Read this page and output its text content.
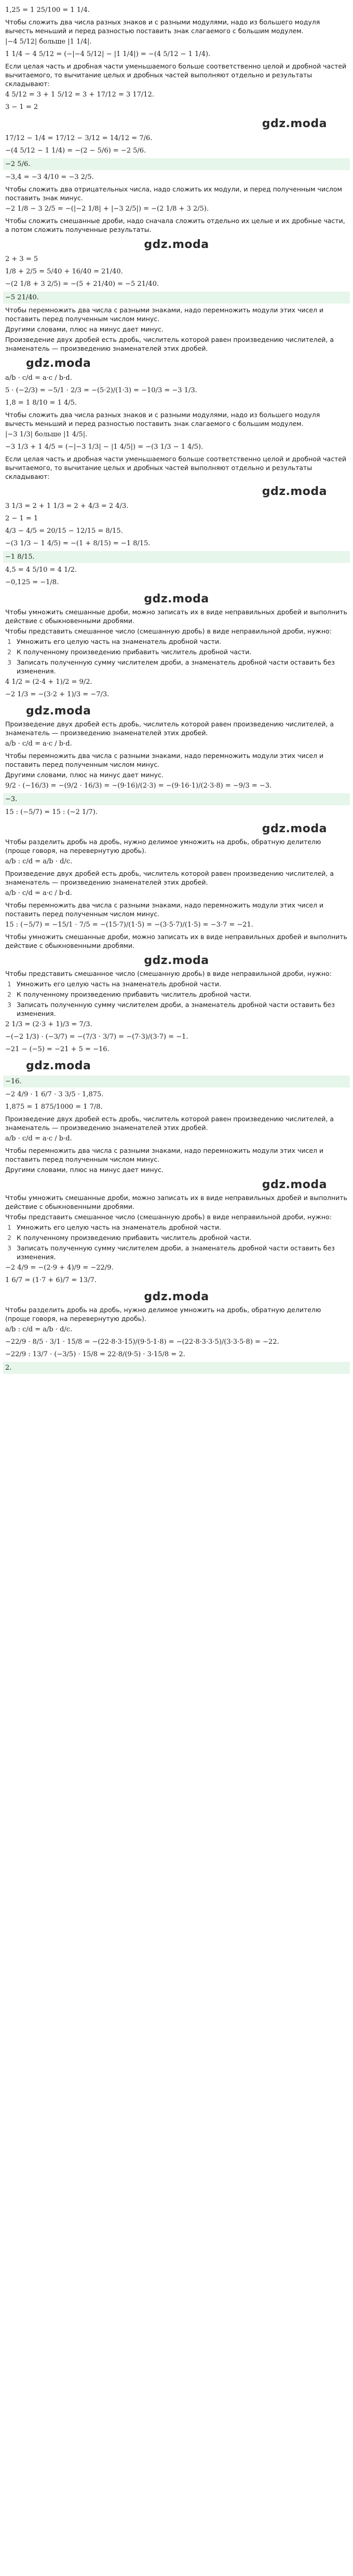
1,25 = 1 25/100 = 1 1/4.
Чтобы сложить два числа разных знаков и с разными модулями, надо из большего модуля вычесть меньший и перед разностью поставить знак слагаемого с большим модулем.
|−4 5/12| больше |1 1/4|.
1 1/4 − 4 5/12 = (−|−4 5/12| − |1 1/4|) = −(4 5/12 − 1 1/4).
Если целая часть и дробная части уменьшаемого больше соответственно целой и дробной частей вычитаемого, то вычитание целых и дробных частей выполняют отдельно и результаты складывают:
4 5/12 = 3 + 1 5/12 = 3 + 17/12 = 3 17/12.
3 − 1 = 2
gdz.moda
17/12 − 1/4 = 17/12 − 3/12 = 14/12 = 7/6.
−(4 5/12 − 1 1/4) = −(2 − 5/6) = −2 5/6.
−2 5/6.
−3,4 = −3 4/10 = −3 2/5.
Чтобы сложить два отрицательных числа, надо сложить их модули, и перед полученным числом поставить знак минус.
−2 1/8 − 3 2/5 = −(|−2 1/8| + |−3 2/5|) = −(2 1/8 + 3 2/5).
Чтобы сложить смешанные дроби, надо сначала сложить отдельно их целые и их дробные части, а потом сложить полученные результаты.
gdz.moda
2 + 3 = 5
1/8 + 2/5 = 5/40 + 16/40 = 21/40.
−(2 1/8 + 3 2/5) = −(5 + 21/40) = −5 21/40.
−5 21/40.
Чтобы перемножить два числа с разными знаками, надо перемножить модули этих чисел и поставить перед полученным числом минус.
Другими словами, плюс на минус дает минус.
Произведение двух дробей есть дробь, числитель которой равен произведению числителей, а знаменатель — произведению знаменателей этих дробей.
gdz.moda
a/b · c/d = a·c / b·d.
5 · (−2/3) = −5/1 · 2/3 = −(5·2)/(1·3) = −10/3 = −3 1/3.
1,8 = 1 8/10 = 1 4/5.
Чтобы сложить два числа разных знаков и с разными модулями, надо из большего модуля вычесть меньший и перед разностью поставить знак слагаемого с большим модулем.
|−3 1/3| больше |1 4/5|.
−3 1/3 + 1 4/5 = (−|−3 1/3| − |1 4/5|) = −(3 1/3 − 1 4/5).
Если целая часть и дробная части уменьшаемого больше соответственно целой и дробной частей вычитаемого, то вычитание целых и дробных частей выполняют отдельно и результаты складывают:
gdz.moda
3 1/3 = 2 + 1 1/3 = 2 + 4/3 = 2 4/3.
2 − 1 = 1
4/3 − 4/5 = 20/15 − 12/15 = 8/15.
−(3 1/3 − 1 4/5) = −(1 + 8/15) = −1 8/15.
−1 8/15.
4,5 = 4 5/10 = 4 1/2.
−0,125 = −1/8.
gdz.moda
Чтобы умножить смешанные дроби, можно записать их в виде неправильных дробей и выполнить действие с обыкновенными дробями.
Чтобы представить смешанное число (смешанную дробь) в виде неправильной дроби, нужно:
1 Умножить его целую часть на знаменатель дробной части.
2 К полученному произведению прибавить числитель дробной части.
3 Записать полученную сумму числителем дроби, а знаменатель дробной части оставить без изменения.
4 1/2 = (2·4 + 1)/2 = 9/2.
−2 1/3 = −(3·2 + 1)/3 = −7/3.
gdz.moda
Произведение двух дробей есть дробь, числитель которой равен произведению числителей, а знаменатель — произведению знаменателей этих дробей.
a/b · c/d = a·c / b·d.
Чтобы перемножить два числа с разными знаками, надо перемножить модули этих чисел и поставить перед полученным числом минус.
Другими словами, плюс на минус дает минус.
9/2 · (−16/3) = −(9/2 · 16/3) = −(9·16)/(2·3) = −(9·16·1)/(2·3·8) = −9/3 = −3.
−3.
15 : (−5/7) = 15 : (−2 1/7).
gdz.moda
Чтобы разделить дробь на дробь, нужно делимое умножить на дробь, обратную делителю (проще говоря, на перевернутую дробь).
a/b : c/d = a/b · d/c.
Произведение двух дробей есть дробь, числитель которой равен произведению числителей, а знаменатель — произведению знаменателей этих дробей.
a/b · c/d = a·c / b·d.
Чтобы перемножить два числа с разными знаками, надо перемножить модули этих чисел и поставить перед полученным числом минус.
15 : (−5/7) = −15/1 · 7/5 = −(15·7)/(1·5) = −(3·5·7)/(1·5) = −3·7 = −21.
Чтобы умножить смешанные дроби, можно записать их в виде неправильных дробей и выполнить действие с обыкновенными дробями.
gdz.moda
Чтобы представить смешанное число (смешанную дробь) в виде неправильной дроби, нужно:
1 Умножить его целую часть на знаменатель дробной части.
2 К полученному произведению прибавить числитель дробной части.
3 Записать полученную сумму числителем дроби, а знаменатель дробной части оставить без изменения.
2 1/3 = (2·3 + 1)/3 = 7/3.
−(−2 1/3) · (−3/7) = −(7/3 · 3/7) = −(7·3)/(3·7) = −1.
−21 − (−5) = −21 + 5 = −16.
gdz.moda
−16.
−2 4/9 · 1 6/7 · 3 3/5 · 1,875.
1,875 = 1 875/1000 = 1 7/8.
Произведение двух дробей есть дробь, числитель которой равен произведению числителей, а знаменатель — произведению знаменателей этих дробей.
a/b · c/d = a·c / b·d.
Чтобы перемножить два числа с разными знаками, надо перемножить модули этих чисел и поставить перед полученным числом минус.
Другими словами, плюс на минус дает минус.
gdz.moda
Чтобы умножить смешанные дроби, можно записать их в виде неправильных дробей и выполнить действие с обыкновенными дробями.
Чтобы представить смешанное число (смешанную дробь) в виде неправильной дроби, нужно:
1 Умножить его целую часть на знаменатель дробной части.
2 К полученному произведению прибавить числитель дробной части.
3 Записать полученную сумму числителем дроби, а знаменатель дробной части оставить без изменения.
−2 4/9 = −(2·9 + 4)/9 = −22/9.
1 6/7 = (1·7 + 6)/7 = 13/7.
gdz.moda
Чтобы разделить дробь на дробь, нужно делимое умножить на дробь, обратную делителю (проще говоря, на перевернутую дробь).
a/b : c/d = a/b · d/c.
−22/9 · 8/5 · 3/1 · 15/8 = −(22·8·3·15)/(9·5·1·8) = −(22·8·3·3·5)/(3·3·5·8) = −22.
−22/9 : 13/7 · (−3/5) · 15/8 = 22·8/(9·5) · 3·15/8 = 2.
2.
